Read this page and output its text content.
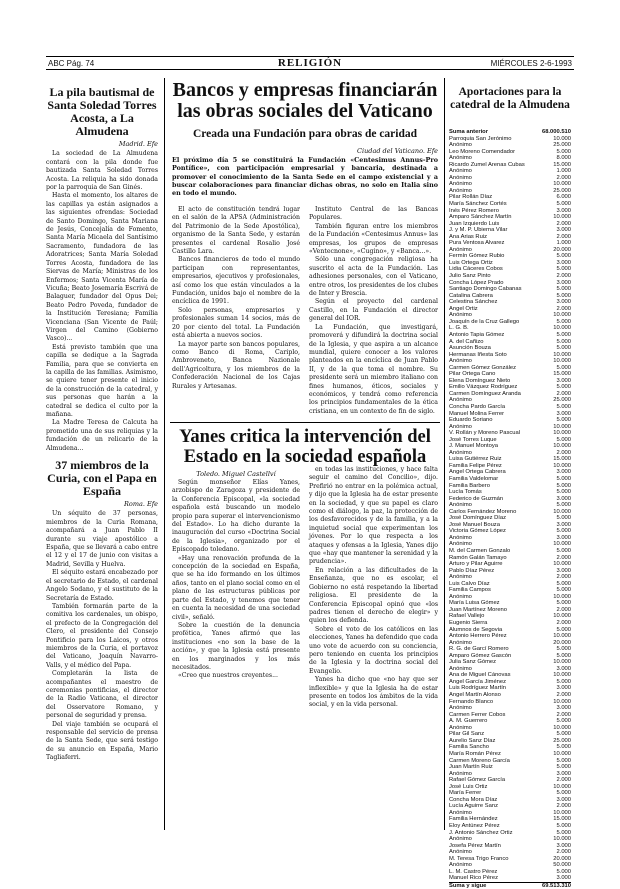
ABC Pág. 74	RELIGIÓN	MIÉRCOLES 2-6-1993
La pila bautismal de Santa Soledad Torres Acosta, a La Almudena
Madrid. Efe

La sociedad de La Almudena contará con la pila donde fue bautizada Santa Soledad Torres Acosta. La reliquia ha sido donada por la parroquia de San Ginés.

Hasta el momento, los altares de las capillas ya están asignados a las siguientes ofrendas: Sociedad de Santo Domingo, Santa Mariana de Jesús, Concejalía de Fomento, Santa María Micaela del Santísimo Sacramento, fundadora de las Adoratrices; Santa María Soledad Torres Acosta, fundadora de las Siervas de María; Ministras de los Enfermos; Santa Vicenta María de Vicuña; Beato Josemaría Escrivá de Balaguer, fundador del Opus Dei; Beato Pedro Poveda, fundador de la Institución Teresiana; Familia Vicenciana (San Vicente de Paúl; Virgen del Camino (Gobierno Vasco)...

Está previsto también que una capilla se dedique a la Sagrada Familia, para que se convierta en la capilla de las familias. Asimismo, se quiere tener presente el inicio de la construcción de la catedral, y sus personas que harán a la catedral se dedica el culto por la mañana.

La Madre Teresa de Calcuta ha prometido una de sus reliquias y la fundación de un relicario de la Almudena...

37 miembros de la Curia, con el Papa en España
Roma. Efe

Un séquito de 37 personas, miembros de la Curia Romana, acompañará a Juan Pablo II durante su viaje apostólico a España, que se llevará a cabo entre el 12 y el 17 de junio con visitas a Madrid, Sevilla y Huelva.

El séquito estará encabezado por el secretario de Estado, el cardenal Angelo Sodano, y el sustituto de la Secretaría de Estado.

También formarán parte de la comitiva los cardenales, un obispo, el prefecto de la Congregación del Clero, el presidente del Consejo Pontificio para los Laicos, y otros miembros de la Curia, el portavoz del Vaticano, Joaquín Navarro-Valls, y el médico del Papa.

Completarán la lista de acompañantes el maestro de ceremonias pontificias, el director de la Radio Vaticana, el director del Osservatore Romano, y personal de seguridad y prensa.

Del viaje también se ocupará el responsable del servicio de prensa de la Santa Sede, que será testigo de su anuncio en España, Mario Tagliaferri.

Bancos y empresas financiarán las obras sociales del Vaticano
Creada una Fundación para obras de caridad
Ciudad del Vaticano. Efe
El próximo día 5 se constituirá la Fundación «Centesimus Annus-Pro Pontífice», con participación empresarial y bancaria, destinada a promover el conocimiento de la Santa Sede en el campo existencial y a buscar colaboraciones para financiar dichas obras, no solo en Italia sino en todo el mundo.

El acto de constitución tendrá lugar en el salón de la APSA (Administración del Patrimonio de la Sede Apostólica), organismo de la Santa Sede, y estarán presentes el cardenal Rosalio José Castillo Lara.

Bancos financieros de todo el mundo participan con representantes, empresarios, ejecutivos y profesionales, así como los que están vinculados a la Fundación, unidos bajo el nombre de la encíclica de 1991.

Solo personas, empresarios y profesionales suman 14 socios, más de 20 por ciento del total. La Fundación está abierta a nuevos socios.

La mayor parte son bancos populares, como Banco di Roma, Cariplo, Ambroveneto, Banca Nazionale dell'Agricoltura, y los miembros de la Confederación Nacional de los Cajas Rurales y Artesanas.

Instituto Central de las Bancas Populares.

También figuran entre los miembros de la Fundación «Centesimus Annus» las empresas, los grupos de empresas «Ventecnone», «Cugino», y «Banca...».

Sólo una congregación religiosa ha suscrito el acta de la Fundación. Las adhesiones personales, con el Vaticano, entre otros, los presidentes de los clubes de Inter y Brescia.

Según el proyecto del cardenal Castillo, en la Fundación el director general del IOR.

La Fundación, que investigará, promoverá y difundirá la doctrina social de la Iglesia, y que aspira a un alcance mundial, quiere conocer a los valores planteados en la encíclica de Juan Pablo II, y de la que toma el nombre. Su presidente será un miembro italiano con fines humanos, éticos, sociales y económicos, y tendrá como referencia los principios fundamentales de la ética cristiana, en un contexto de fin de siglo.

Yanes critica la intervención del Estado en la sociedad española
Toledo. Miguel Castellví

Según monseñor Elías Yanes, arzobispo de Zaragoza y presidente de la Conferencia Episcopal, «la sociedad española está buscando un modelo propio para superar el intervencionismo del Estado». Lo ha dicho durante la inauguración del curso «Doctrina Social de la Iglesia», organizado por el Episcopado toledano.

«Hay una renovación profunda de la concepción de la sociedad en España, que se ha ido formando en los últimos años, tanto en el plano social como en el plano de las estructuras públicas por parte del Estado, y tenemos que tener en cuenta la necesidad de una sociedad civil», señaló.

Sobre la cuestión de la denuncia profética, Yanes afirmó que las instituciones «no son la base de la acción», y que la Iglesia está presente en los marginados y los más necesitados.

«Creo que nuestros creyentes...

en todas las instituciones, y hace falta seguir el camino del Concilio», dijo. Prefirió no entrar en la polémica actual, y dijo que la Iglesia ha de estar presente en la sociedad, y que su papel es claro como el diálogo, la paz, la protección de los desfavorecidos y de la familia, y a la inquietud social que experimentan los jóvenes. Por lo que respecta a los ataques y ofensas a la Iglesia, Yanes dijo que «hay que mantener la serenidad y la prudencia».

En relación a las dificultades de la Enseñanza, que no es escolar, el Gobierno no está respetando la libertad religiosa. El presidente de la Conferencia Episcopal opinó que «los padres tienen el derecho de elegir» y quien los defienda.

Sobre el voto de los católicos en las elecciones, Yanes ha defendido que cada uno vote de acuerdo con su conciencia, pero teniendo en cuenta los principios de la Iglesia y la doctrina social del Evangelio.

Yanes ha dicho que «no hay que ser inflexible» y que la Iglesia ha de estar presente en todos los ámbitos de la vida social, y en la vida personal.

Aportaciones para la catedral de la Almudena
Suma anterior	68.000.510
Parroquia San Jerónimo	10.000
Anónimo	25.000
Leo Moreno Comendador	5.000
Anónimo	8.000
Ricardo Zumel Arenas Cubas	15.000
Anónimo	1.000
Anónimo	2.000
Anónimo	10.000
Anónimo	25.000
Pilar Rollán Díaz	6.000
María Sánchez Cortés	5.000
Inés Pérez Romero	3.000
Amparo Sánchez Martín	10.000
Juan Izquierdo Luis	2.000
J. y M. P. Ubierna Vilar	3.000
Ana Arias Ruiz	2.000
Pura Ventosa Alvarez	1.000
Anónimo	20.000
Fermín Gómez Rubio	5.000
Luis Ortega Ortiz	3.000
Lidia Cáceres Cobos	5.000
Julio Sanz Pinto	2.000
Concha López Prado	3.000
Santiago Domingo Cabanas	5.000
Catalina Cabrera	5.000
Celestina Sánchez	3.000
Angel Ortiz	2.000
Anónimo	10.000
Joaquín de la Cruz Gallego	5.000
L. G. B.	10.000
Antonio Tapia Gómez	5.000
A. del Cañizo	5.000
Asunción Bouza	5.000
Hermanas Iñesta Soto	10.000
Anónimo	10.000
Carmen Gómez González	5.000
Pilar Ortega Cano	15.000
Elena Domínguez Nieto	3.000
Emilio Vázquez Rodríguez	5.000
Carmen Domínguez Aranda	2.000
Anónimo	25.000
Concha Pardo García	5.000
Manuel Molina Ferrer	3.000
Eduardo Soriano	5.000
Anónimo	10.000
V. Rollán y Moreno Pascual	10.000
José Torres Luque	5.000
J. Manuel Montoya	10.000
Anónimo	2.000
Luisa Gutiérrez Ruiz	15.000
Familia Felipe Pérez	10.000
Angel Ortega Cabrera	3.000
Familia Valdelomar	5.000
Familia Barbero	5.000
Lucía Tomás	5.000
Federico de Guzmán	3.000
Anónimo	5.000
Carlos Fernández Moreno	10.000
José Domínguez Díaz	5.000
José Manuel Bouza	3.000
Victoria Gómez López	5.000
Anónimo	3.000
Anónimo	10.000
M. del Carmen Gonzalo	5.000
Ramón Galán Tamayo	2.000
Arturo y Pilar Aguirre	10.000
Pablo Díaz Pérez	3.000
Anónimo	2.000
Luis Calvo Díaz	5.000
Familia Campos	5.000
Anónimo	10.000
María Luisa Gómez	5.000
Juan Martínez Moreno	2.000
Rafael Vallejo	10.000
Eugenio Sierra	2.000
Alumnos de Segovia	5.000
Antonio Herrero Pérez	10.000
Anónimo	20.000
R. G. de Garcí Romero	5.000
Amparo Gómez Gascón	5.000
Julia Sanz Gómez	10.000
Anónimo	3.000
Ana de Miguel Cánovas	10.000
Angel García Jiménez	5.000
Luis Rodríguez Martín	3.000
Angel Martín Alonso	2.000
Fernando Blanco	10.000
Anónimo	3.000
Carmen Ferrer Cobos	2.000
A. M. Guerrero	5.000
Anónimo	10.000
Pilar Gil Sanz	5.000
Aurelio Sanz Díaz	25.000
Familia Sancho	5.000
María Román Pérez	10.000
Carmen Moreno García	5.000
Juan Martín Ruiz	5.000
Anónimo	3.000
Rafael Gómez García	2.000
José Luis Ortiz	10.000
María Ferrer	5.000
Concha Mora Díaz	3.000
Lucía Aguirre Sanz	2.000
Anónimo	10.000
Familia Hernández	15.000
Eloy Antúnez Pérez	5.000
J. Antonio Sánchez Ortiz	5.000
Anónimo	10.000
Josefa Pérez Martín	3.000
Anónimo	2.000
M. Teresa Trigo Franco	20.000
Anónimo	50.000
L. M. Castro Pérez	5.000
Manuel Rico Pérez	3.000
Suma y sigue	69.513.310
